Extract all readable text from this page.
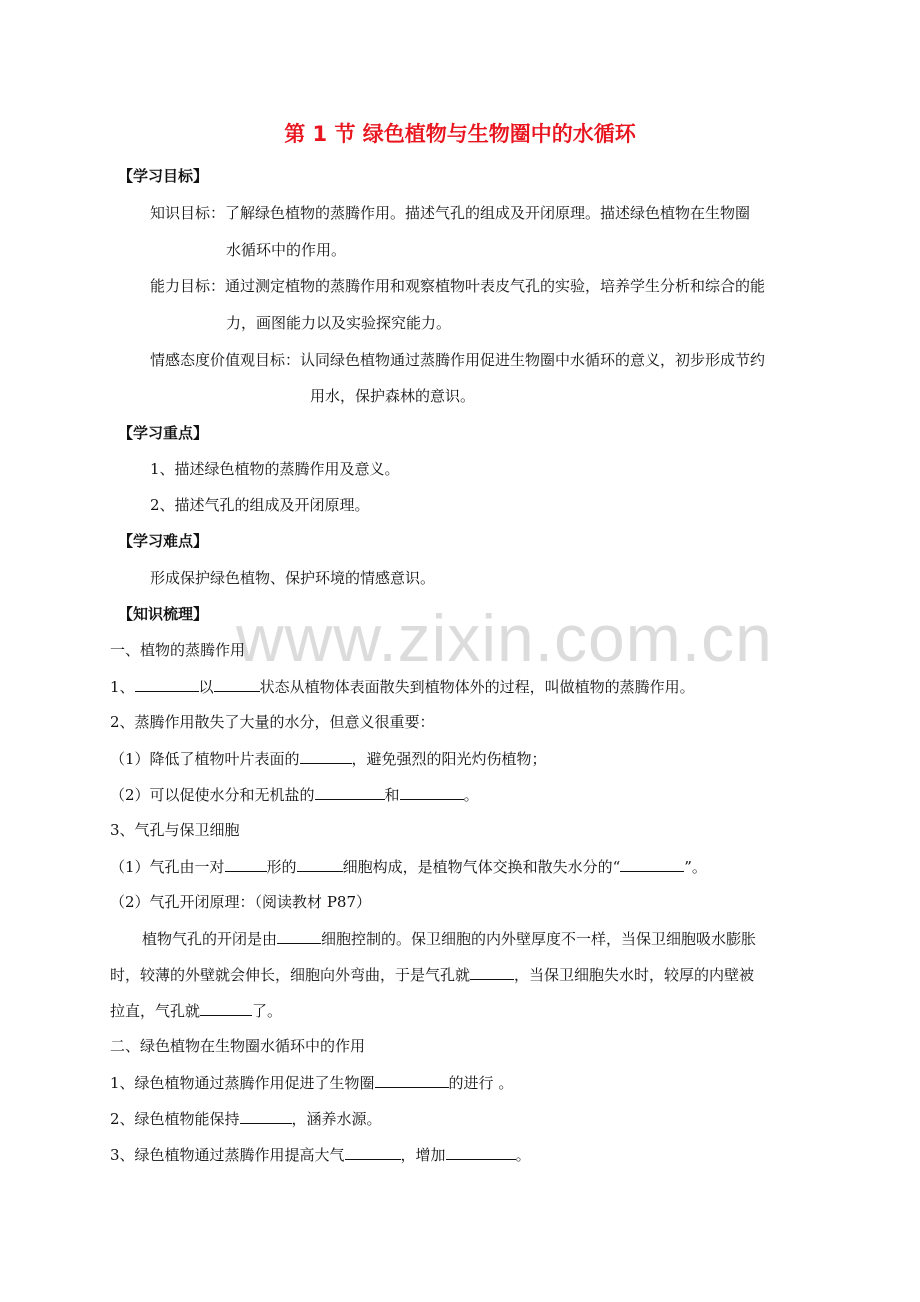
www.zixin.com.cn
第 1 节 绿色植物与生物圈中的水循环
【学习目标】
知识目标：了解绿色植物的蒸腾作用。描述气孔的组成及开闭原理。描述绿色植物在生物圈
水循环中的作用。
能力目标：通过测定植物的蒸腾作用和观察植物叶表皮气孔的实验，培养学生分析和综合的能
力，画图能力以及实验探究能力。
情感态度价值观目标：认同绿色植物通过蒸腾作用促进生物圈中水循环的意义，初步形成节约
用水，保护森林的意识。
【学习重点】
1、描述绿色植物的蒸腾作用及意义。
2、描述气孔的组成及开闭原理。
【学习难点】
形成保护绿色植物、保护环境的情感意识。
【知识梳理】
一、植物的蒸腾作用
1、	以	状态从植物体表面散失到植物体外的过程，叫做植物的蒸腾作用。
2、蒸腾作用散失了大量的水分，但意义很重要：
（1）降低了植物叶片表面的	，避免强烈的阳光灼伤植物；
（2）可以促使水分和无机盐的	和	。
3、气孔与保卫细胞
（1）气孔由一对	形的	细胞构成，是植物气体交换和散失水分的“	”。
（2）气孔开闭原理：（阅读教材 P87）
植物气孔的开闭是由	细胞控制的。保卫细胞的内外壁厚度不一样，当保卫细胞吸水膨胀
时，较薄的外壁就会伸长，细胞向外弯曲，于是气孔就	，当保卫细胞失水时，较厚的内壁被
拉直，气孔就	了。
二、绿色植物在生物圈水循环中的作用
1、绿色植物通过蒸腾作用促进了生物圈	的进行 。
2、绿色植物能保持	，涵养水源。
3、绿色植物通过蒸腾作用提高大气	，增加	。
